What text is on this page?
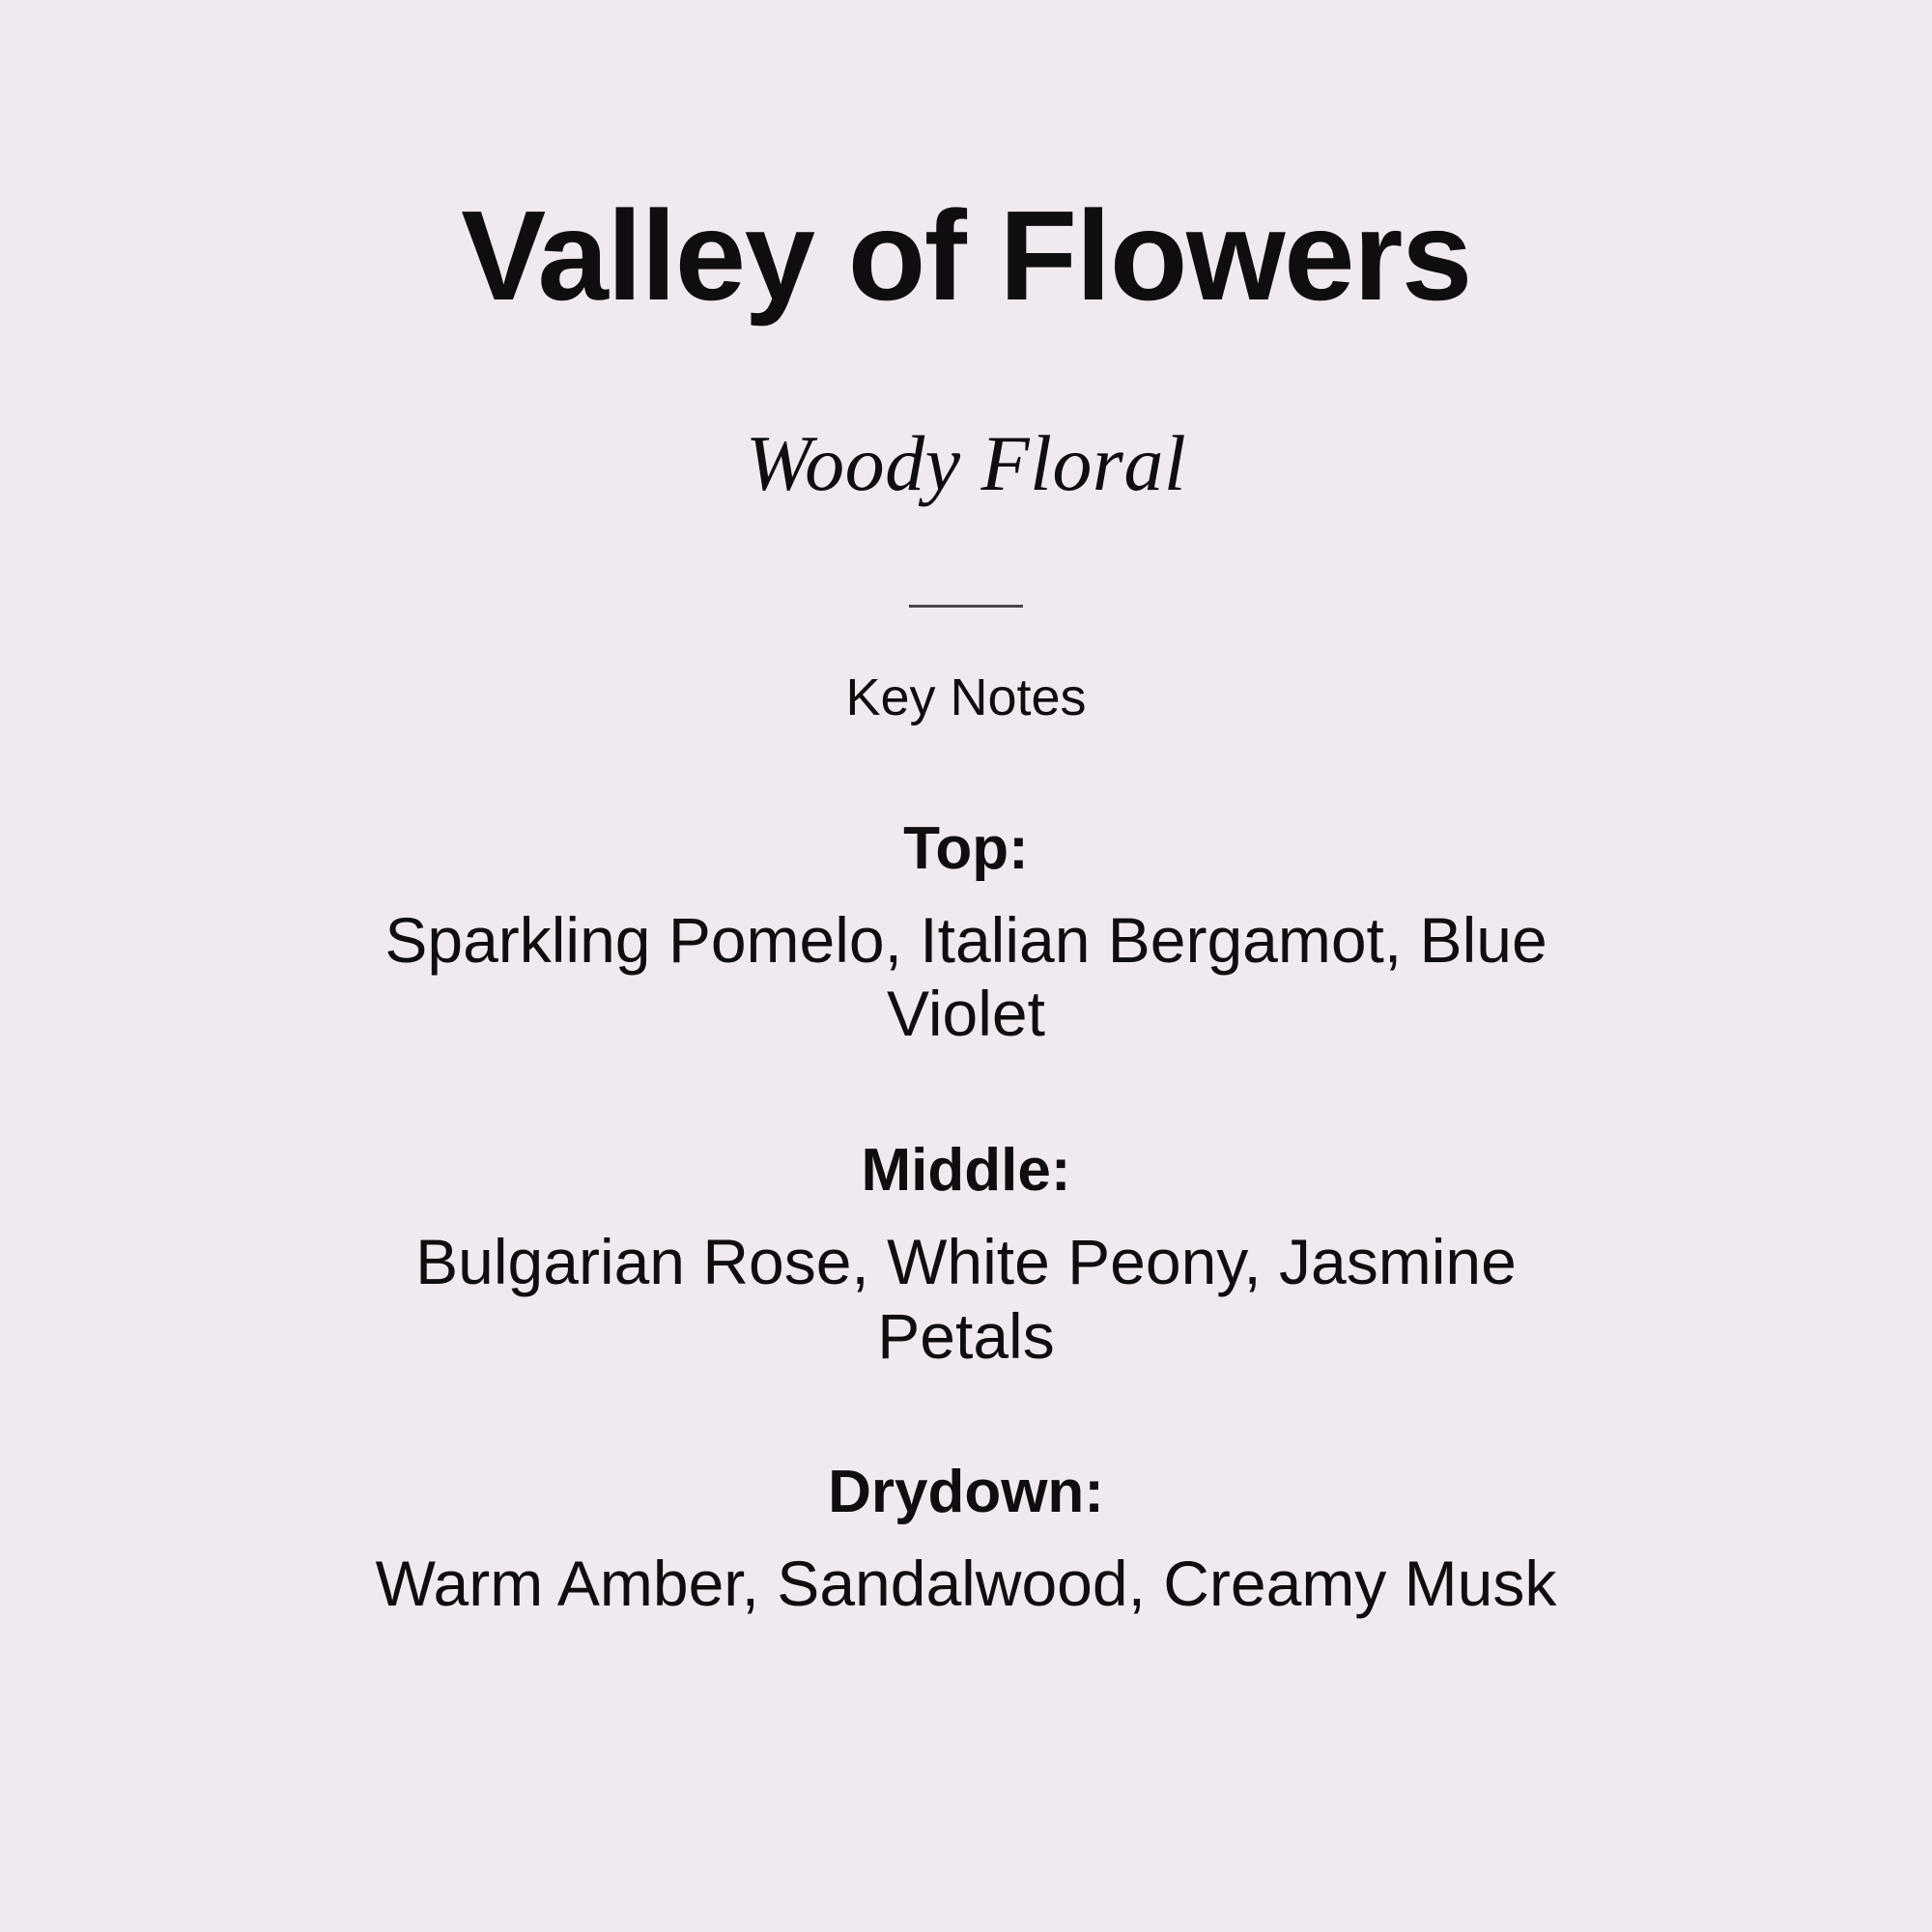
Valley of Flowers
Woody Floral
Key Notes
Top:
Sparkling Pomelo, Italian Bergamot, Blue Violet
Middle:
Bulgarian Rose, White Peony, Jasmine Petals
Drydown:
Warm Amber, Sandalwood, Creamy Musk
